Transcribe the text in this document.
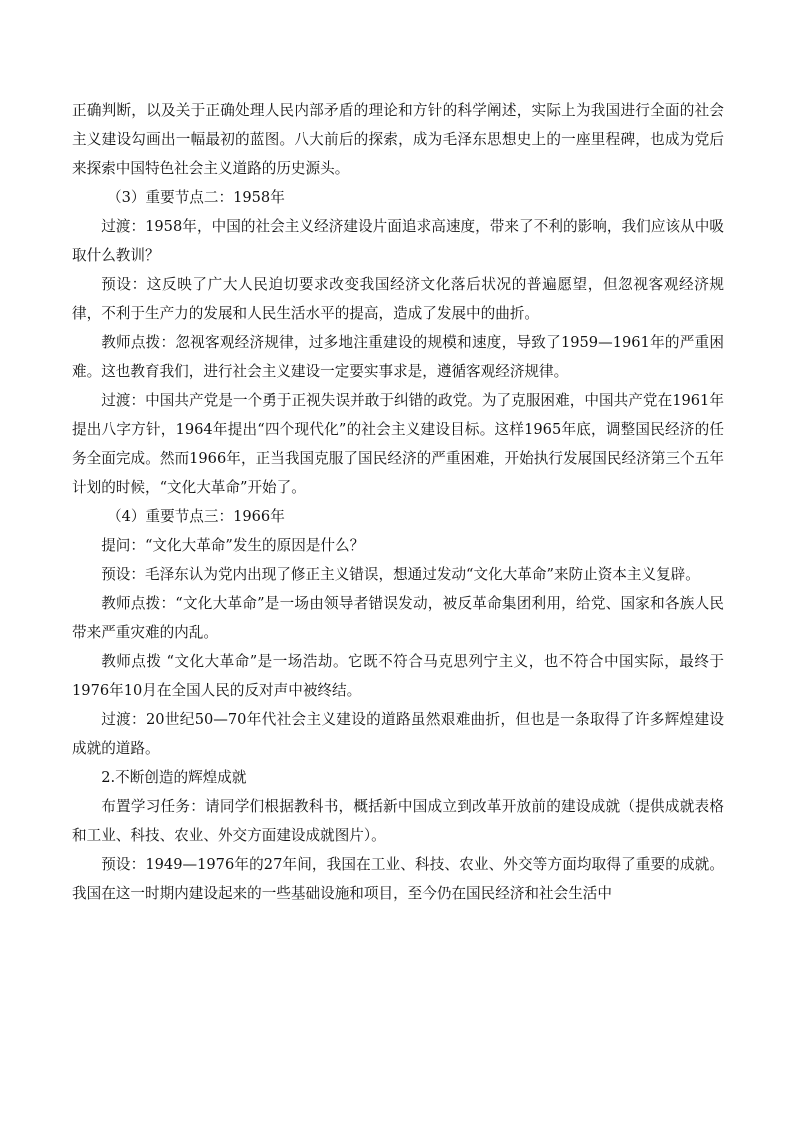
正确判断，以及关于正确处理人民内部矛盾的理论和方针的科学阐述，实际上为我国进行全面的社会主义建设勾画出一幅最初的蓝图。八大前后的探索，成为毛泽东思想史上的一座里程碑，也成为党后来探索中国特色社会主义道路的历史源头。

（3）重要节点二：1958年

过渡：1958年，中国的社会主义经济建设片面追求高速度，带来了不利的影响，我们应该从中吸取什么教训？

预设：这反映了广大人民迫切要求改变我国经济文化落后状况的普遍愿望，但忽视客观经济规律，不利于生产力的发展和人民生活水平的提高，造成了发展中的曲折。

教师点拨：忽视客观经济规律，过多地注重建设的规模和速度，导致了1959—1961年的严重困难。这也教育我们，进行社会主义建设一定要实事求是，遵循客观经济规律。

过渡：中国共产党是一个勇于正视失误并敢于纠错的政党。为了克服困难，中国共产党在1961年提出八字方针，1964年提出“四个现代化”的社会主义建设目标。这样1965年底，调整国民经济的任务全面完成。然而1966年，正当我国克服了国民经济的严重困难，开始执行发展国民经济第三个五年计划的时候，“文化大革命”开始了。

（4）重要节点三：1966年

提问：“文化大革命”发生的原因是什么？

预设：毛泽东认为党内出现了修正主义错误，想通过发动“文化大革命”来防止资本主义复辟。

教师点拨：“文化大革命”是一场由领导者错误发动，被反革命集团利用，给党、国家和各族人民带来严重灾难的内乱。

教师点拨 “文化大革命”是一场浩劫。它既不符合马克思列宁主义，也不符合中国实际，最终于1976年10月在全国人民的反对声中被终结。

过渡：20世纪50—70年代社会主义建设的道路虽然艰难曲折，但也是一条取得了许多辉煌建设成就的道路。

2.不断创造的辉煌成就

布置学习任务：请同学们根据教科书，概括新中国成立到改革开放前的建设成就（提供成就表格和工业、科技、农业、外交方面建设成就图片）。

预设：1949—1976年的27年间，我国在工业、科技、农业、外交等方面均取得了重要的成就。我国在这一时期内建设起来的一些基础设施和项目，至今仍在国民经济和社会生活中
